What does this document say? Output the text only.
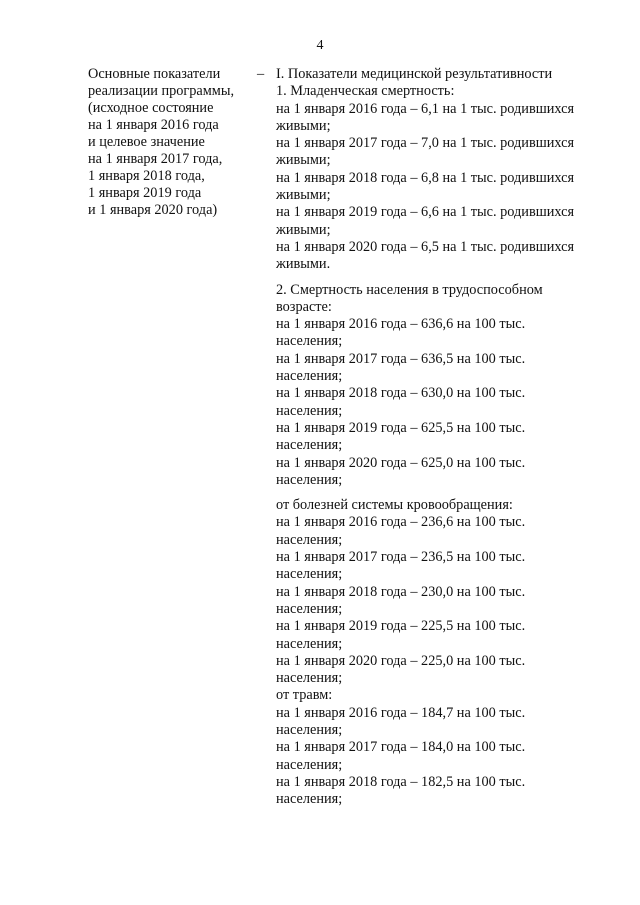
4
Основные показатели
реализации программы,
(исходное состояние
на 1 января 2016 года
и целевое значение
на 1 января 2017 года,
1 января 2018 года,
1 января 2019 года
и 1 января 2020 года)
– I. Показатели медицинской результативности
1. Младенческая смертность:
на 1 января 2016 года – 6,1 на 1 тыс. родившихся
живыми;
на 1 января 2017 года – 7,0 на 1 тыс. родившихся
живыми;
на 1 января 2018 года – 6,8 на 1 тыс. родившихся
живыми;
на 1 января 2019 года – 6,6 на 1 тыс. родившихся
живыми;
на 1 января 2020 года – 6,5 на 1 тыс. родившихся
живыми.
2. Смертность населения в трудоспособном
возрасте:
на 1 января 2016 года – 636,6 на 100 тыс.
населения;
на 1 января 2017 года – 636,5 на 100 тыс.
населения;
на 1 января 2018 года – 630,0 на 100 тыс.
населения;
на 1 января 2019 года – 625,5 на 100 тыс.
населения;
на 1 января 2020 года – 625,0 на 100 тыс.
населения;
от болезней системы кровообращения:
на 1 января 2016 года – 236,6 на 100 тыс.
населения;
на 1 января 2017 года – 236,5 на 100 тыс.
населения;
на 1 января 2018 года – 230,0 на 100 тыс.
населения;
на 1 января 2019 года – 225,5 на 100 тыс.
населения;
на 1 января 2020 года – 225,0 на 100 тыс.
населения;
от травм:
на 1 января 2016 года – 184,7 на 100 тыс.
населения;
на 1 января 2017 года – 184,0 на 100 тыс.
населения;
на 1 января 2018 года – 182,5 на 100 тыс.
населения;
